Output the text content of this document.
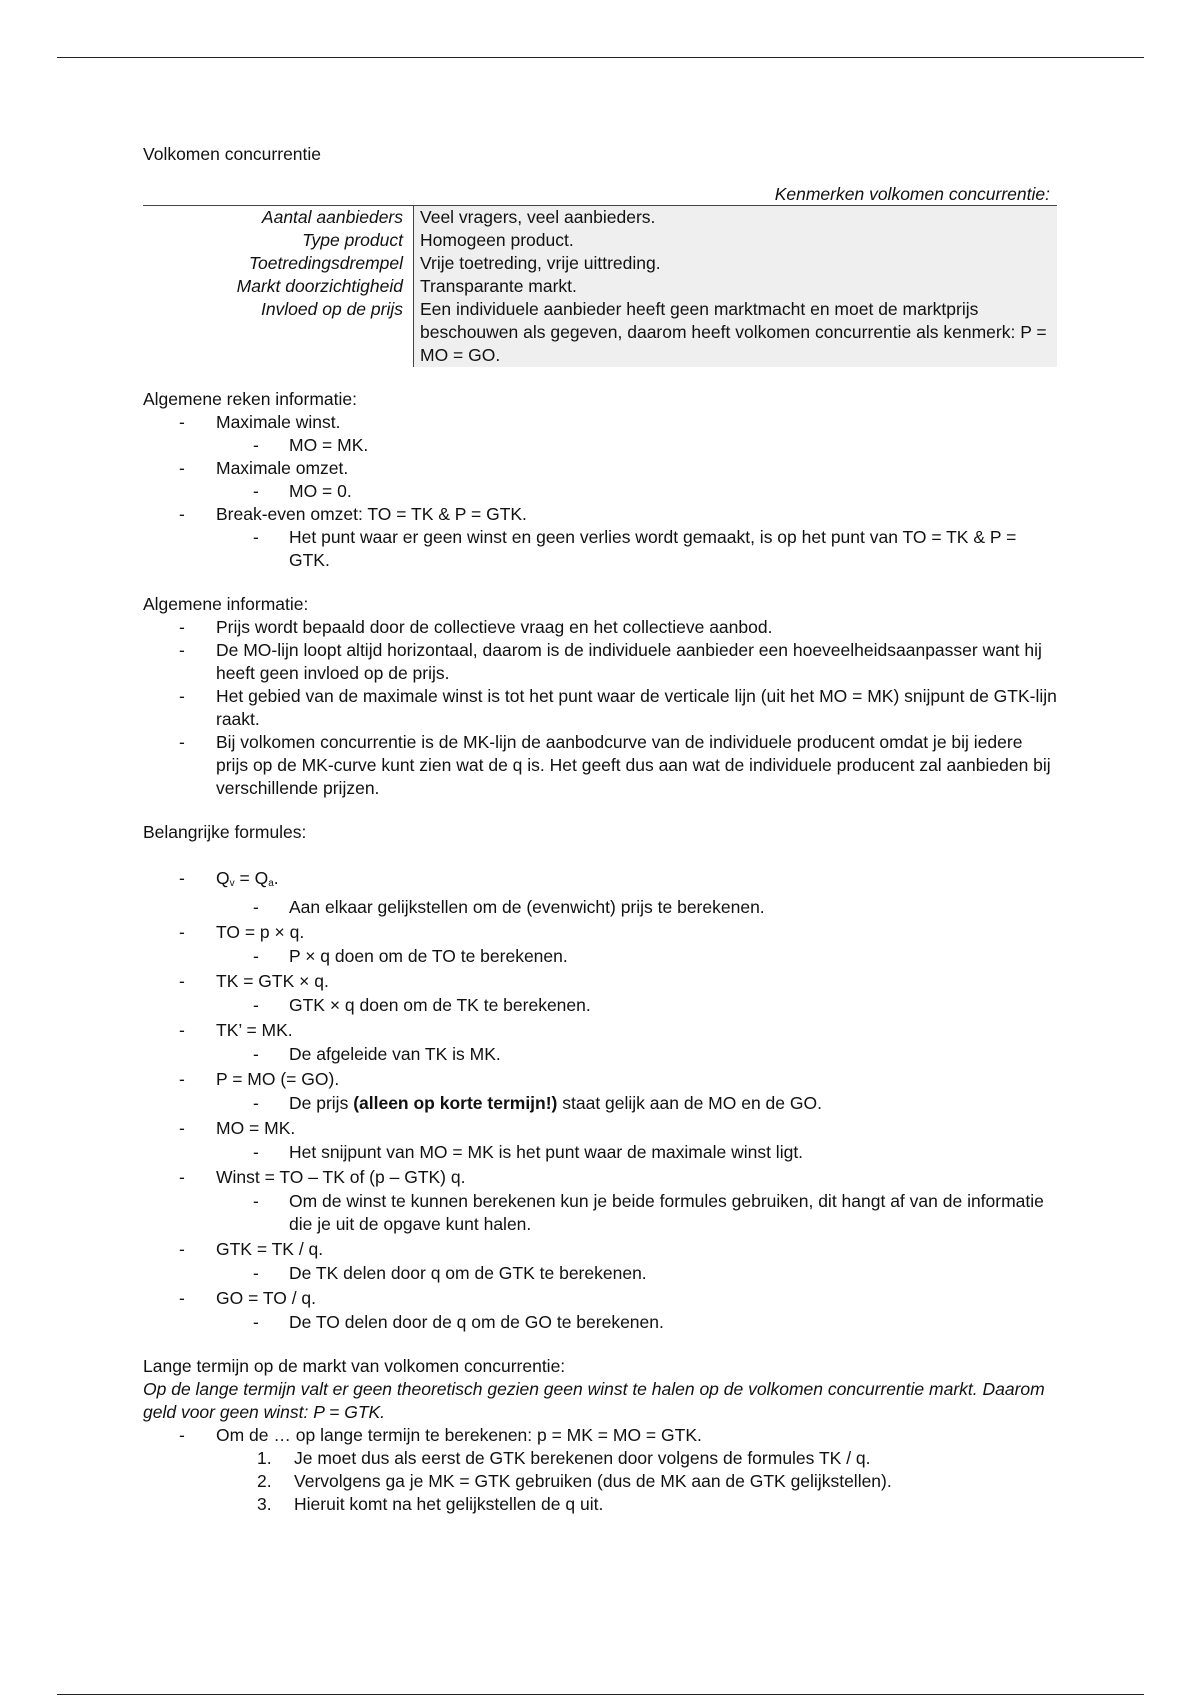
Volkomen concurrentie
Kenmerken volkomen concurrentie:
Aantal aanbieders	Veel vragers, veel aanbieders.
Type product	Homogeen product.
Toetredingsdrempel	Vrije toetreding, vrije uittreding.
Markt doorzichtigheid	Transparante markt.
Invloed op de prijs	Een individuele aanbieder heeft geen marktmacht en moet de marktprijs beschouwen als gegeven, daarom heeft volkomen concurrentie als kenmerk: P = MO = GO.
Algemene reken informatie:
- Maximale winst.
- MO = MK.
- Maximale omzet.
- MO = 0.
- Break-even omzet: TO = TK & P = GTK.
- Het punt waar er geen winst en geen verlies wordt gemaakt, is op het punt van TO = TK & P = GTK.
Algemene informatie:
- Prijs wordt bepaald door de collectieve vraag en het collectieve aanbod.
- De MO-lijn loopt altijd horizontaal, daarom is de individuele aanbieder een hoeveelheidsaanpasser want hij heeft geen invloed op de prijs.
- Het gebied van de maximale winst is tot het punt waar de verticale lijn (uit het MO = MK) snijpunt de GTK-lijn raakt.
- Bij volkomen concurrentie is de MK-lijn de aanbodcurve van de individuele producent omdat je bij iedere prijs op de MK-curve kunt zien wat de q is. Het geeft dus aan wat de individuele producent zal aanbieden bij verschillende prijzen.
Belangrijke formules:
- $Q_v = Q_a$.
- Aan elkaar gelijkstellen om de (evenwicht) prijs te berekenen.
- TO = p × q.
- P × q doen om de TO te berekenen.
- TK = GTK × q.
- GTK × q doen om de TK te berekenen.
- TK’ = MK.
- De afgeleide van TK is MK.
- P = MO (= GO).
- De prijs (alleen op korte termijn!) staat gelijk aan de MO en de GO.
- MO = MK.
- Het snijpunt van MO = MK is het punt waar de maximale winst ligt.
- Winst = TO – TK of (p – GTK) q.
- Om de winst te kunnen berekenen kun je beide formules gebruiken, dit hangt af van de informatie die je uit de opgave kunt halen.
- GTK = TK / q.
- De TK delen door q om de GTK te berekenen.
- GO = TO / q.
- De TO delen door de q om de GO te berekenen.
Lange termijn op de markt van volkomen concurrentie:
Op de lange termijn valt er geen theoretisch gezien geen winst te halen op de volkomen concurrentie markt. Daarom geld voor geen winst: P = GTK.
- Om de … op lange termijn te berekenen: p = MK = MO = GTK.
1. Je moet dus als eerst de GTK berekenen door volgens de formules TK / q.
2. Vervolgens ga je MK = GTK gebruiken (dus de MK aan de GTK gelijkstellen).
3. Hieruit komt na het gelijkstellen de q uit.
